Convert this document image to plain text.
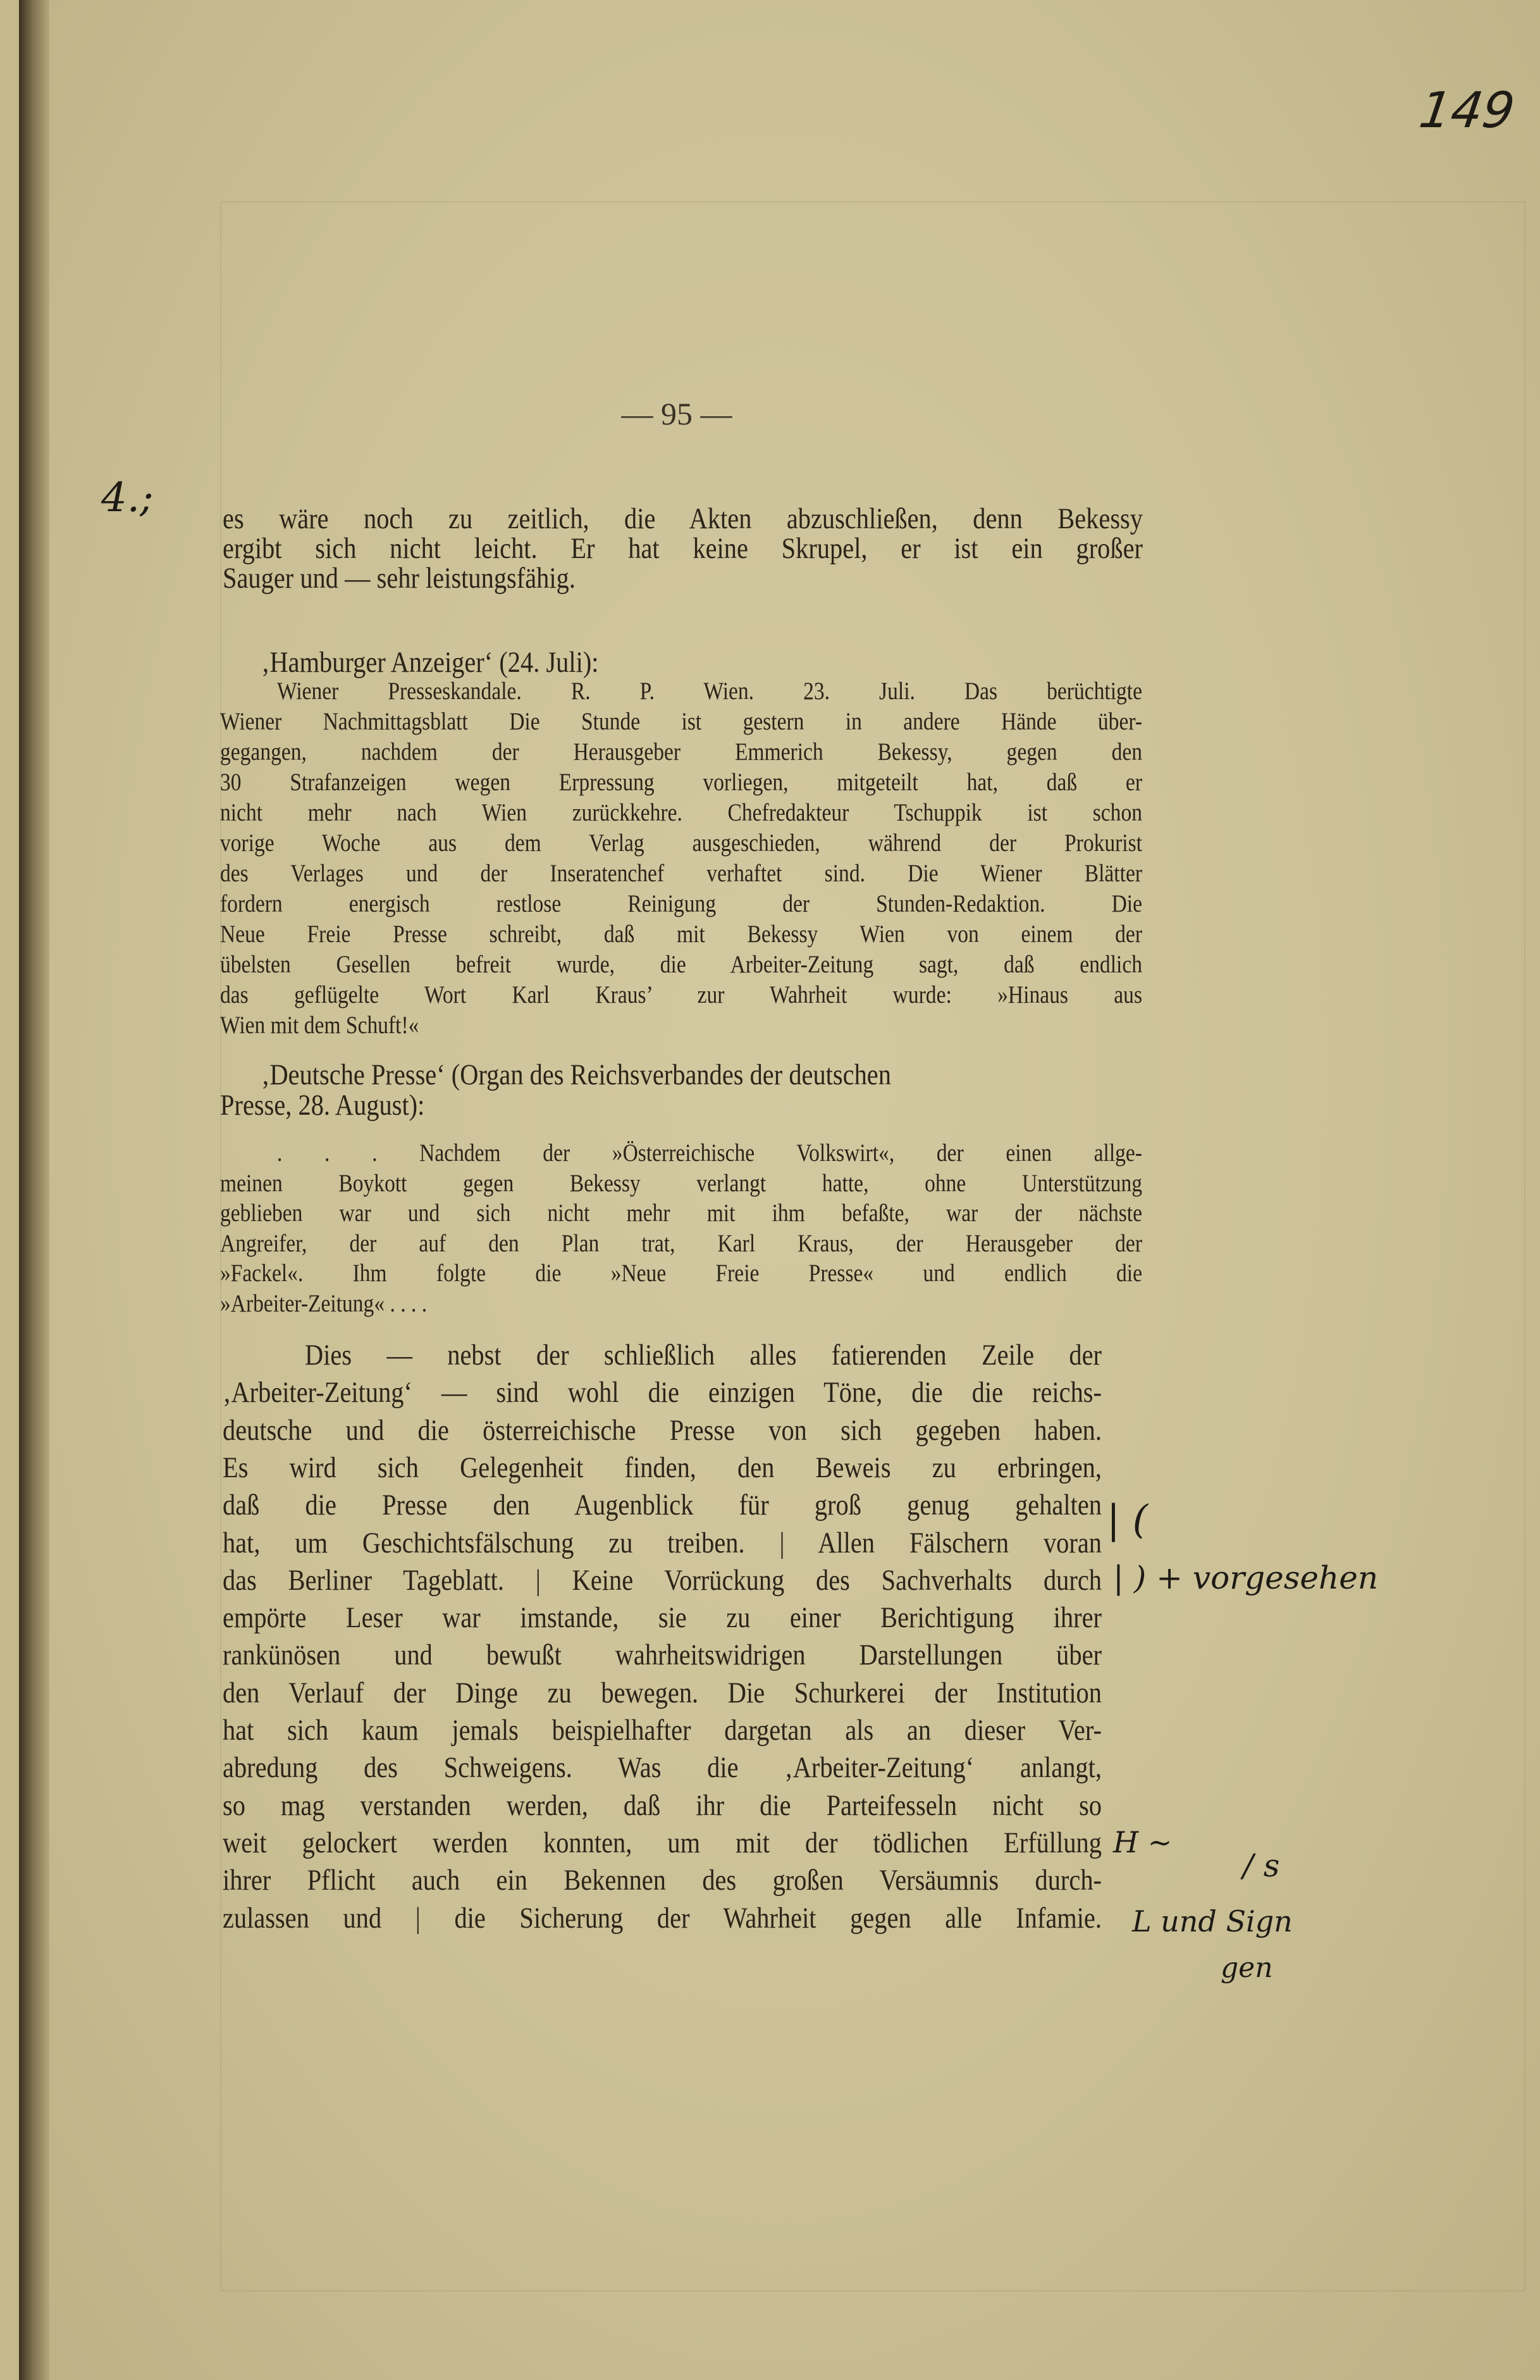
149
— 95 —
es wäre noch zu zeitlich, die Akten abzuschließen, denn Bekessy
ergibt sich nicht leicht. Er hat keine Skrupel, er ist ein großer
Sauger und — sehr leistungsfähig.
‚Hamburger Anzeiger‘ (24. Juli):
Wiener Presseskandale. R. P. Wien. 23. Juli. Das berüchtigte
Wiener Nachmittagsblatt Die Stunde ist gestern in andere Hände über-
gegangen, nachdem der Herausgeber Emmerich Bekessy, gegen den
30 Strafanzeigen wegen Erpressung vorliegen, mitgeteilt hat, daß er
nicht mehr nach Wien zurückkehre. Chefredakteur Tschuppik ist schon
vorige Woche aus dem Verlag ausgeschieden, während der Prokurist
des Verlages und der Inseratenchef verhaftet sind. Die Wiener Blätter
fordern energisch restlose Reinigung der Stunden-Redaktion. Die
Neue Freie Presse schreibt, daß mit Bekessy Wien von einem der
übelsten Gesellen befreit wurde, die Arbeiter-Zeitung sagt, daß endlich
das geflügelte Wort Karl Kraus’ zur Wahrheit wurde: »Hinaus aus
Wien mit dem Schuft!«
‚Deutsche Presse‘ (Organ des Reichsverbandes der deutschen
Presse, 28. August):
. . . Nachdem der »Österreichische Volkswirt«, der einen allge-
meinen Boykott gegen Bekessy verlangt hatte, ohne Unterstützung
geblieben war und sich nicht mehr mit ihm befaßte, war der nächste
Angreifer, der auf den Plan trat, Karl Kraus, der Herausgeber der
»Fackel«. Ihm folgte die »Neue Freie Presse« und endlich die
»Arbeiter-Zeitung« . . . .
Dies — nebst der schließlich alles fatierenden Zeile der
‚Arbeiter-Zeitung‘ — sind wohl die einzigen Töne, die die reichs-
deutsche und die österreichische Presse von sich gegeben haben.
Es wird sich Gelegenheit finden, den Beweis zu erbringen,
daß die Presse den Augenblick für groß genug gehalten
hat, um Geschichtsfälschung zu treiben. | Allen Fälschern voran
das Berliner Tageblatt. | Keine Vorrückung des Sachverhalts durch
empörte Leser war imstande, sie zu einer Berichtigung ihrer
rankünösen und bewußt wahrheitswidrigen Darstellungen über
den Verlauf der Dinge zu bewegen. Die Schurkerei der Institution
hat sich kaum jemals beispielhafter dargetan als an dieser Ver-
abredung des Schweigens. Was die ‚Arbeiter-Zeitung‘ anlangt,
so mag verstanden werden, daß ihr die Parteifesseln nicht so
weit gelockert werden konnten, um mit der tödlichen Erfüllung
ihrer Pflicht auch ein Bekennen des großen Versäumnis durch-
zulassen und | die Sicherung der Wahrheit gegen alle Infamie.
4.;
| (
| ) + vorgesehen
H ~
/ s
L und Sign
gen
